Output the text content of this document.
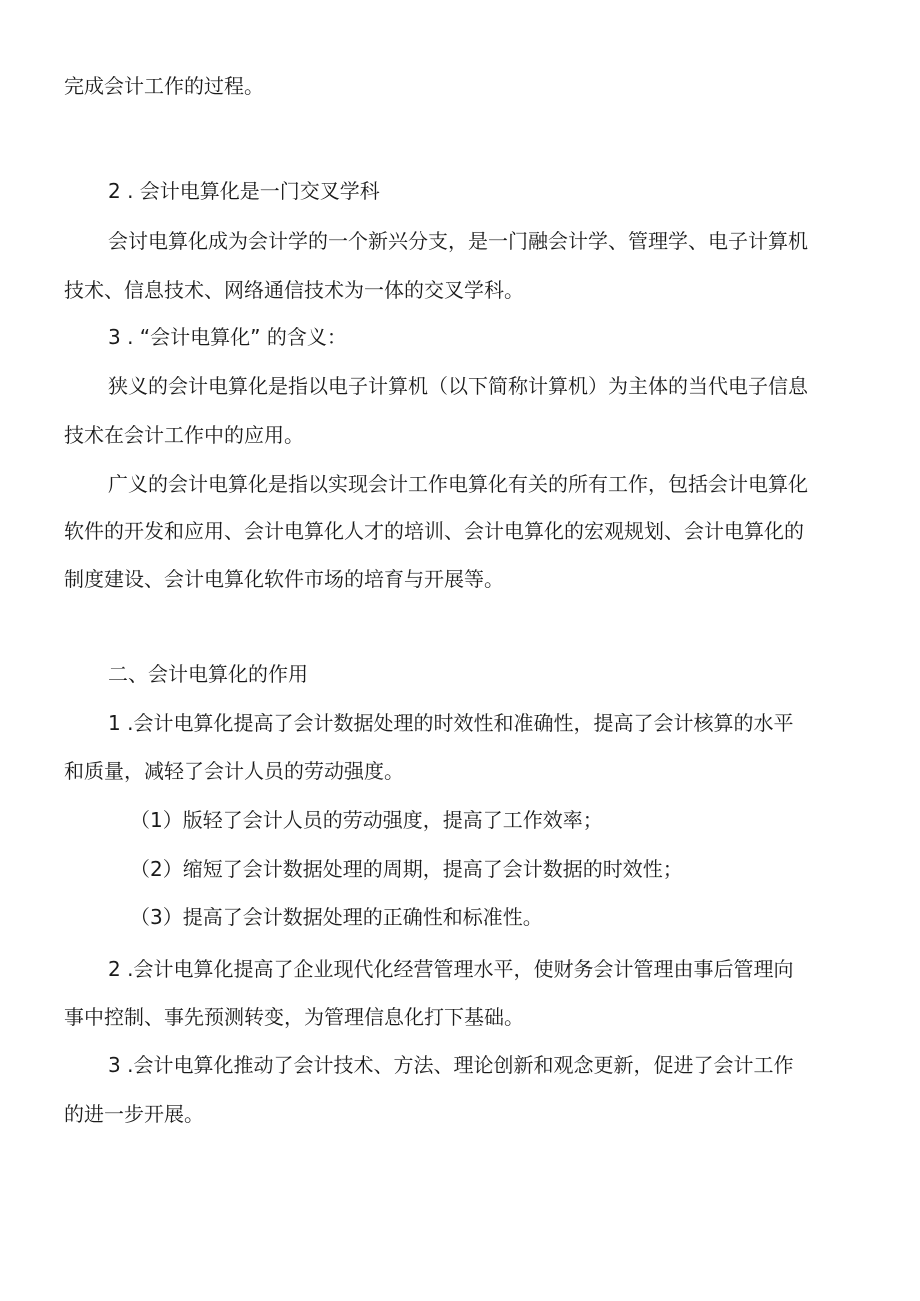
完成会计工作的过程。
2 . 会计电算化是一门交叉学科
会讨电算化成为会计学的一个新兴分支，是一门融会计学、管理学、电子计算机
技术、信息技术、网络通信技术为一体的交叉学科。
3 . “会计电算化” 的含义：
狭义的会计电算化是指以电子计算机（以下简称计算机）为主体的当代电子信息
技术在会计工作中的应用。
广义的会计电算化是指以实现会计工作电算化有关的所有工作，包括会计电算化
软件的开发和应用、会计电算化人才的培训、会计电算化的宏观规划、会计电算化的
制度建设、会计电算化软件市场的培育与开展等。
二、会计电算化的作用
1 .会计电算化提高了会计数据处理的时效性和准确性，提高了会计核算的水平
和质量，减轻了会计人员的劳动强度。
（1）版轻了会计人员的劳动强度，提高了工作效率；
（2）缩短了会计数据处理的周期，提高了会计数据的时效性；
（3）提高了会计数据处理的正确性和标准性。
2 .会计电算化提高了企业现代化经营管理水平，使财务会计管理由事后管理向
事中控制、事先预测转变，为管理信息化打下基础。
3 .会计电算化推动了会计技术、方法、理论创新和观念更新，促进了会计工作
的进一步开展。
